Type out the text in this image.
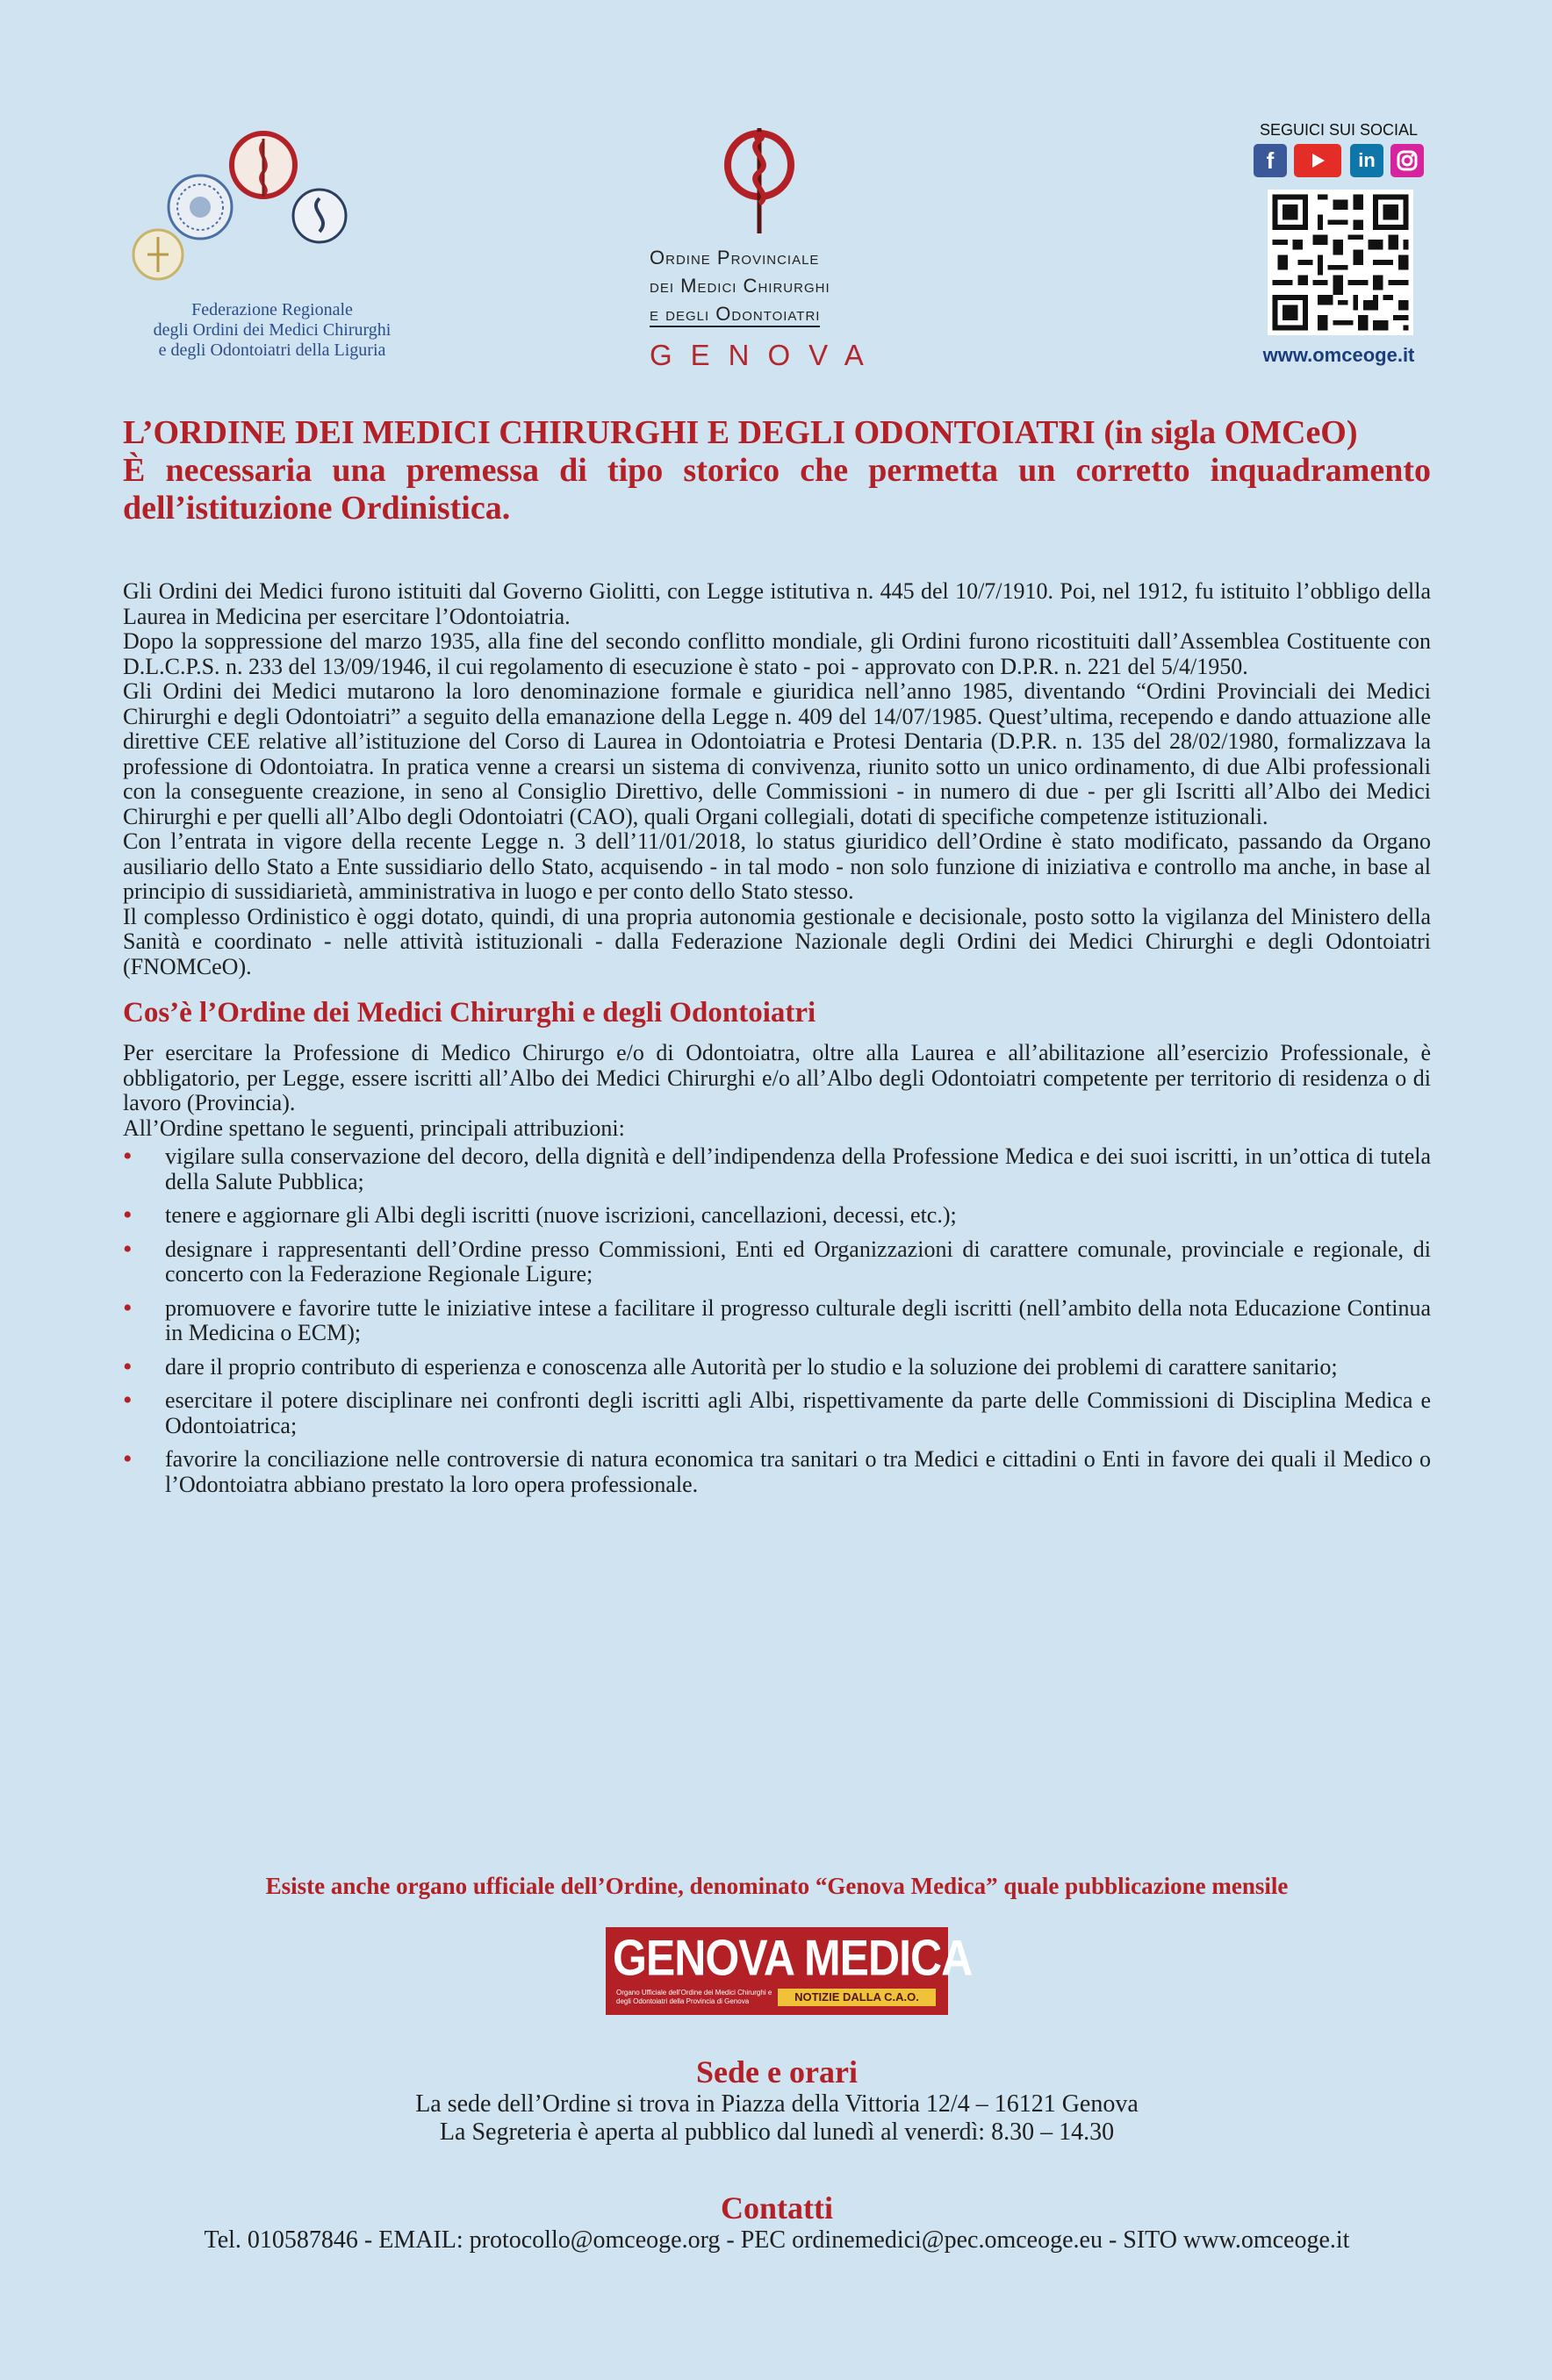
Federazione Regionale
degli Ordini dei Medici Chirurghi
e degli Odontoiatri della Liguria
Ordine Provinciale
dei Medici Chirurghi
e degli Odontoiatri
GENOVA
SEGUICI SUI SOCIAL
f	in
www.omceoge.it
L’ORDINE DEI MEDICI CHIRURGHI E DEGLI ODONTOIATRI (in sigla OMCeO)
È necessaria una premessa di tipo storico che permetta un corretto inquadramento
dell’istituzione Ordinistica.

Gli Ordini dei Medici furono istituiti dal Governo Giolitti, con Legge istitutiva n. 445 del 10/7/1910. Poi, nel 1912, fu istituito l’obbligo della Laurea in Medicina per esercitare l’Odontoiatria.

Dopo la soppressione del marzo 1935, alla fine del secondo conflitto mondiale, gli Ordini furono ricostituiti dall’Assemblea Costituente con D.L.C.P.S. n. 233 del 13/09/1946, il cui regolamento di esecuzione è stato - poi - approvato con D.P.R. n. 221 del 5/4/1950.

Gli Ordini dei Medici mutarono la loro denominazione formale e giuridica nell’anno 1985, diventando “Ordini Provinciali dei Medici Chirurghi e degli Odontoiatri” a seguito della emanazione della Legge n. 409 del 14/07/1985. Quest’ultima, recependo e dando attuazione alle direttive CEE relative all’istituzione del Corso di Laurea in Odontoiatria e Protesi Dentaria (D.P.R. n. 135 del 28/02/1980, formalizzava la professione di Odontoiatra. In pratica venne a crearsi un sistema di convivenza, riunito sotto un unico ordinamento, di due Albi professionali con la conseguente creazione, in seno al Consiglio Direttivo, delle Commissioni - in numero di due - per gli Iscritti all’Albo dei Medici Chirurghi e per quelli all’Albo degli Odontoiatri (CAO), quali Organi collegiali, dotati di specifiche competenze istituzionali.

Con l’entrata in vigore della recente Legge n. 3 dell’11/01/2018, lo status giuridico dell’Ordine è stato modificato, passando da Organo ausiliario dello Stato a Ente sussidiario dello Stato, acquisendo - in tal modo - non solo funzione di iniziativa e controllo ma anche, in base al principio di sussidiarietà, amministrativa in luogo e per conto dello Stato stesso.

Il complesso Ordinistico è oggi dotato, quindi, di una propria autonomia gestionale e decisionale, posto sotto la vigilanza del Ministero della Sanità e coordinato - nelle attività istituzionali - dalla Federazione Nazionale degli Ordini dei Medici Chirurghi e degli Odontoiatri (FNOMCeO).

Cos’è l’Ordine dei Medici Chirurghi e degli Odontoiatri

Per esercitare la Professione di Medico Chirurgo e/o di Odontoiatra, oltre alla Laurea e all’abilitazione all’esercizio Professionale, è obbligatorio, per Legge, essere iscritti all’Albo dei Medici Chirurghi e/o all’Albo degli Odontoiatri competente per territorio di residenza o di lavoro (Provincia).

All’Ordine spettano le seguenti, principali attribuzioni:

• vigilare sulla conservazione del decoro, della dignità e dell’indipendenza della Professione Medica e dei suoi iscritti, in un’ottica di tutela della Salute Pubblica;
• tenere e aggiornare gli Albi degli iscritti (nuove iscrizioni, cancellazioni, decessi, etc.);
• designare i rappresentanti dell’Ordine presso Commissioni, Enti ed Organizzazioni di carattere comunale, provinciale e regionale, di concerto con la Federazione Regionale Ligure;
• promuovere e favorire tutte le iniziative intese a facilitare il progresso culturale degli iscritti (nell’ambito della nota Educazione Continua in Medicina o ECM);
• dare il proprio contributo di esperienza e conoscenza alle Autorità per lo studio e la soluzione dei problemi di carattere sanitario;
• esercitare il potere disciplinare nei confronti degli iscritti agli Albi, rispettivamente da parte delle Commissioni di Disciplina Medica e Odontoiatrica;
• favorire la conciliazione nelle controversie di natura economica tra sanitari o tra Medici e cittadini o Enti in favore dei quali il Medico o l’Odontoiatra abbiano prestato la loro opera professionale.
Esiste anche organo ufficiale dell’Ordine, denominato “Genova Medica” quale pubblicazione mensile
GENOVA MEDICA
Organo Ufficiale dell’Ordine dei Medici Chirurghi e degli Odontoiatri della Provincia di Genova	NOTIZIE DALLA C.A.O.
Sede e orari
La sede dell’Ordine si trova in Piazza della Vittoria 12/4 – 16121 Genova
La Segreteria è aperta al pubblico dal lunedì al venerdì: 8.30 – 14.30
Contatti
Tel. 010587846 - EMAIL: protocollo@omceoge.org - PEC ordinemedici@pec.omceoge.eu - SITO www.omceoge.it
